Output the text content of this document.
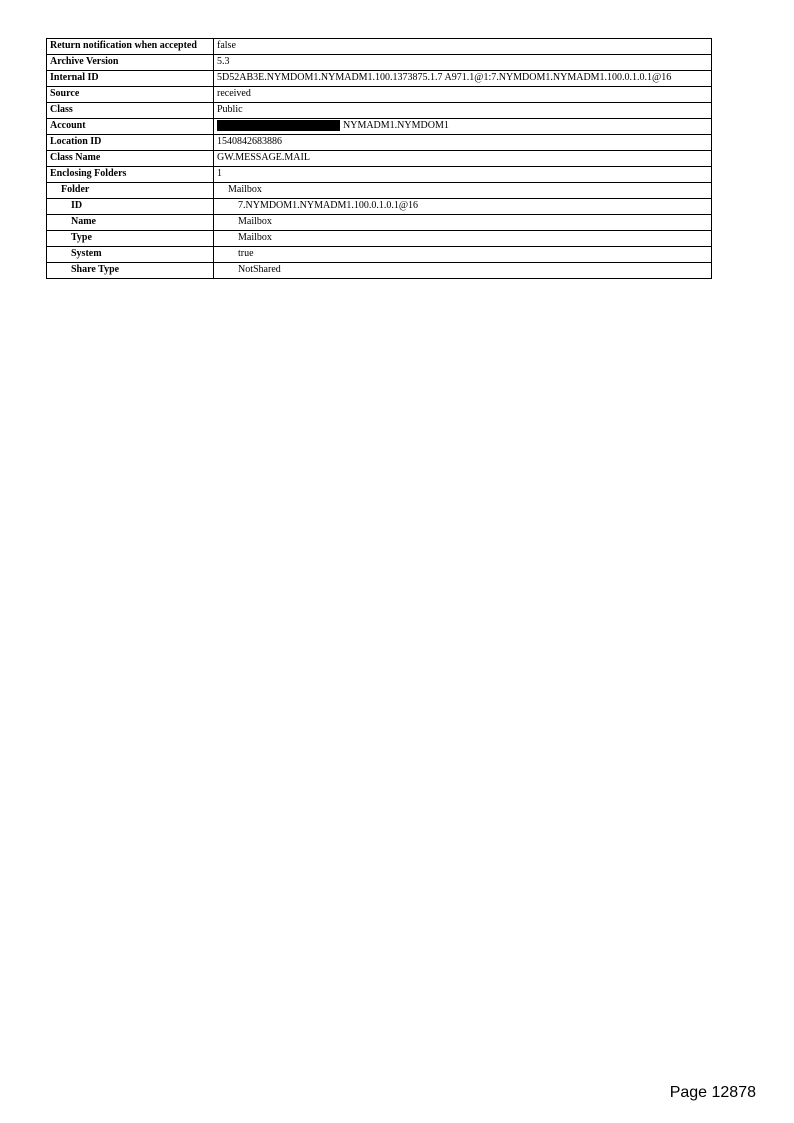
Return notification when accepted	false
Archive Version	5.3
Internal ID	5D52AB3E.NYMDOM1.NYMADM1.100.1373875.1.7 A971.1@1:7.NYMDOM1.NYMADM1.100.0.1.0.1@16
Source	received
Class	Public
Account	NYMADM1.NYMDOM1
Location ID	1540842683886
Class Name	GW.MESSAGE.MAIL
Enclosing Folders	1
Folder	Mailbox
ID	7.NYMDOM1.NYMADM1.100.0.1.0.1@16
Name	Mailbox
Type	Mailbox
System	true
Share Type	NotShared
Page 12878
